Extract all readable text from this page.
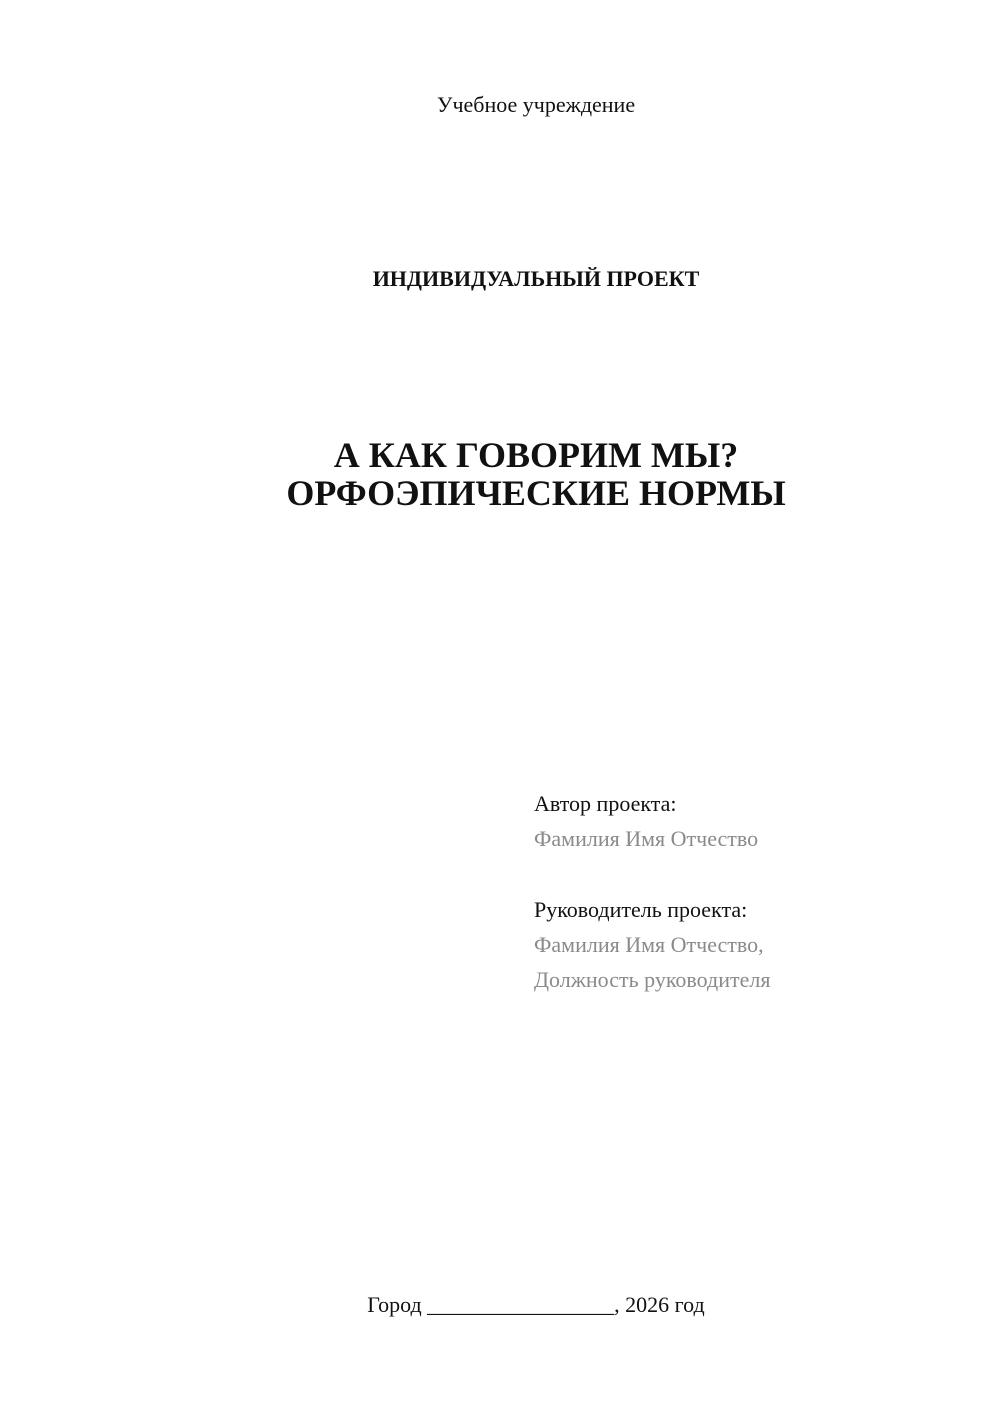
Учебное учреждение
ИНДИВИДУАЛЬНЫЙ ПРОЕКТ
А КАК ГОВОРИМ МЫ?
ОРФОЭПИЧЕСКИЕ НОРМЫ
Автор проекта:
Фамилия Имя Отчество
Руководитель проекта:
Фамилия Имя Отчество,
Должность руководителя
Город _________________, 2026 год
